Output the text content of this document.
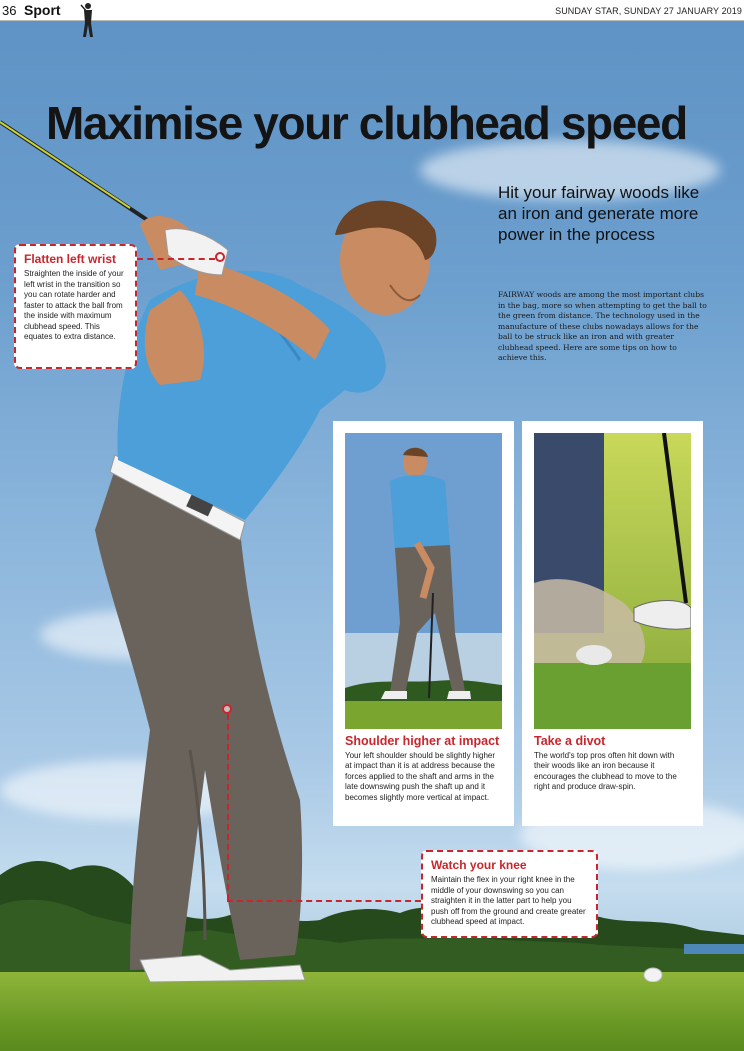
36 Sport	SUNDAY STAR, SUNDAY 27 JANUARY 2019
Maximise your clubhead speed

Hit your fairway woods like an iron and generate more power in the process

FAIRWAY woods are among the most important clubs in the bag, more so when attempting to get the ball to the green from distance. The technology used in the manufacture of these clubs nowadays allows for the ball to be struck like an iron and with greater clubhead speed. Here are some tips on how to achieve this.

Flatten left wrist

Straighten the inside of your left wrist in the transition so you can rotate harder and faster to attack the ball from the inside with maximum clubhead speed. This equates to extra distance.

Watch your knee

Maintain the flex in your right knee in the middle of your downswing so you can straighten it in the latter part to help you push off from the ground and create greater clubhead speed at impact.

Shoulder higher at impact

Your left shoulder should be slightly higher at impact than it is at address because the forces applied to the shaft and arms in the late downswing push the shaft up and it becomes slightly more vertical at impact.

Take a divot

The world's top pros often hit down with their woods like an iron because it encourages the clubhead to move to the right and produce draw-spin.
